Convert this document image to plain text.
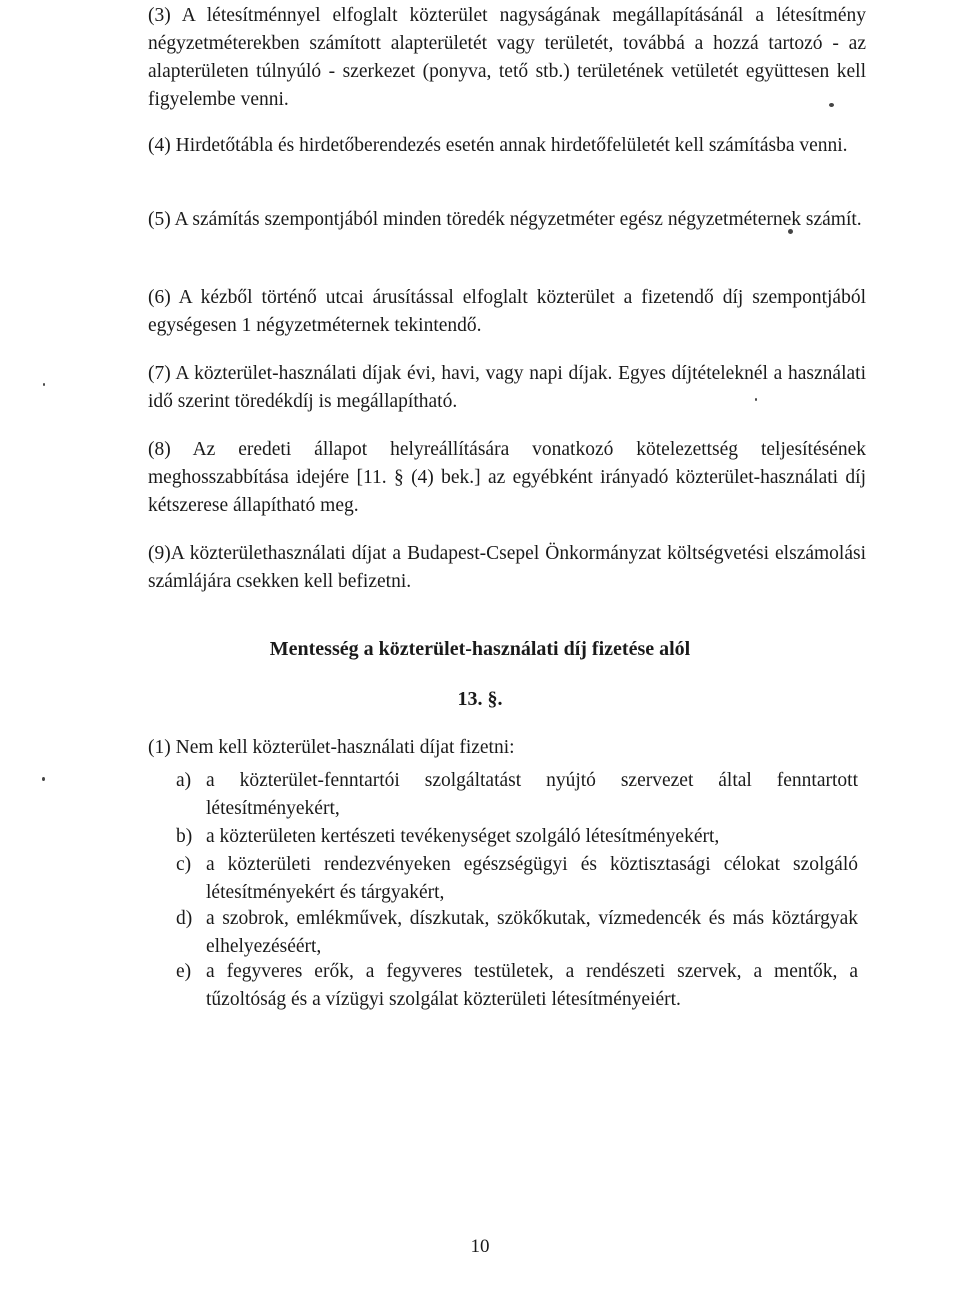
(3) A létesítménnyel elfoglalt közterület nagyságának megállapításánál a létesítmény négyzetméterekben számított alapterületét vagy területét, továbbá a hozzá tartozó - az alapterületen túlnyúló - szerkezet (ponyva, tető stb.) területének vetületét együttesen kell figyelembe venni.

(4) Hirdetőtábla és hirdetőberendezés esetén annak hirdetőfelületét kell számításba venni.

(5) A számítás szempontjából minden töredék négyzetméter egész négyzetméternek számít.

(6) A kézből történő utcai árusítással elfoglalt közterület a fizetendő díj szempontjából egységesen 1 négyzetméternek tekintendő.

(7) A közterület-használati díjak évi, havi, vagy napi díjak. Egyes díjtételeknél a használati idő szerint töredékdíj is megállapítható.

(8) Az eredeti állapot helyreállítására vonatkozó kötelezettség teljesítésének meghosszabbítása idejére [11. § (4) bek.] az egyébként irányadó közterület-használati díj kétszerese állapítható meg.

(9)A közterülethasználati díjat a Budapest-Csepel Önkormányzat költségvetési elszámolási számlájára csekken kell befizetni.

Mentesség a közterület-használati díj fizetése alól
13. §.
(1) Nem kell közterület-használati díjat fizetni:
a) a közterület-fenntartói szolgáltatást nyújtó szervezet által fenntartott létesítményekért,
b) a közterületen kertészeti tevékenységet szolgáló létesítményekért,
c) a közterületi rendezvényeken egészségügyi és köztisztasági célokat szolgáló létesítményekért és tárgyakért,
d) a szobrok, emlékművek, díszkutak, szökőkutak, vízmedencék és más köztárgyak elhelyezéséért,
e) a fegyveres erők, a fegyveres testületek, a rendészeti szervek, a mentők, a tűzoltóság és a vízügyi szolgálat közterületi létesítményeiért.
10
